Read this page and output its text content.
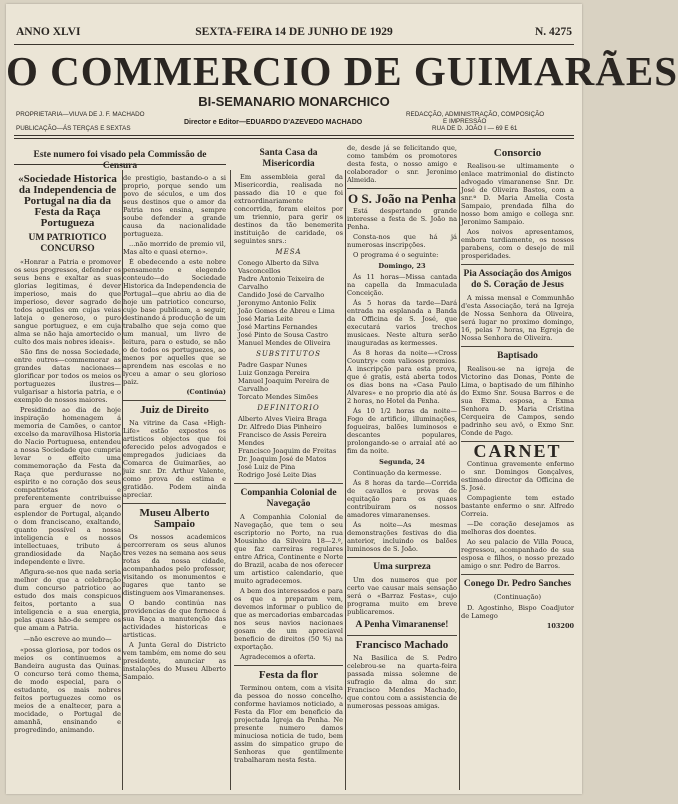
ANNO XLVI	SEXTA-FEIRA 14 DE JUNHO DE 1929	N. 4275
O COMMERCIO DE GUIMARÃES
BI-SEMANARIO MONARCHICO
PROPRIETARIA—VIUVA DE J. F. MACHADO
PUBLICAÇÃO—ÁS TERÇAS E SEXTAS
Director e Editor—EDUARDO D'AZEVEDO MACHADO
REDACÇÃO, ADMINISTRAÇÃO, COMPOSIÇÃO
E IMPRESSÃO
RUA DE D. JOÃO I — 69 E 61
Este numero foi visado pela Commissão de Censura
«Sociedade Historica da Independencia de Portugal na dia da Festa da Raça Portugueza
UM PATRIOTICO CONCURSO

«Honrar a Patria e promover os seus progressos, defender os seus bens e exaltar as suas glorias legitimas, é dever imperioso, mais do que imperioso, dever sagrado de todos aquelles em cujas veias lateja o generoso, o puro sangue portuguez, e em cuja alma se não haja amortecido o culto dos mais nobres ideais».

São fins de nossa Sociedade, entre outros—commemorar as grandes datas nacionaes—glorificar por todos os meios os portuguezes ilustres—vulgarisar a historia patria, e o exemplo de nossos maiores.

Presidindo ao dia de hoje inspiração homenagem á memoria de Camões, o cantor excelso da maravilhosa Historia do Nacio Portuguesa, entendeu a nossa Sociedade que cumpria levar o effeito uma commemoração da Festa da Raça que perdurasse no espirito e no coração dos seus compatriotas e preferentemente contribuisse para erguer de novo o esplendor de Portugal, alçando o dom franciscano, exaltando, quanto possível a nossa inteligencia e os nossos intellectuaes, tributo á grandiosidade da Nação independente e livre.

Afigura-se-nos que nada seria melhor do que a celebração dum concurso patriotico ao estudo dos mais conspicuos feitos, portanto a sua inteligencia e a sua energia, pelas quaes hão-de sempre os que amam a Patria.

—não escreve ao mundo—

«possa gloriosa, por todos os meios os continuemos a Bandeira augusta das Quinas. O concurso terá como thema, de modo especial, para o estudante, os mais nobres feitos portuguezes como os meios de a enaltecer, para a mocidade, o Portugal de amanhã, ensinando e progredindo, animando.

de prestigio, bastando-o a si proprio, porque sendo um povo de séculos, e um dos seus destinos que o amor da Patria nos ensina, sempre soube defender a grande causa da nacionalidade portugueza.

...não morrido de premio vil, Mas alto e quasi eterno».

É obedecendo a este nobre pensamento e elegendo conteudo—do Sociedade Historica da Independencia de Portugal—que abriu ao dia de hoje um patriotico concurso, cujo base publicam, a seguir, destinando á producção de um trabalho que seja como que um manual, um livro de leitura, para o estudo, se não o de todos os portuguezes, ao menos por aquelles que se aprendem nas escolas e no lyceu a amar o seu glorioso paiz.

(Continúa)
Juiz de Direito

Na vitrine da Casa «High-Life» estão expostos os artisticos objectos que foi oferecido pelos advogados e empregados judiciaes da Comarca de Guimarães, ao juiz snr. Dr. Arthur Valente, como prova de estima e gratidão. Podem ainda apreciar.

Museu Alberto Sampaio

Os nossos academicos percorreram os seus alunos tres vezes na semana aos seus rotas da nossa cidade, acompanhados pelo professor, visitando os monumentos e lugares que tanto se distinguem aos Vimaranenses.

O bando continúa nas providencias de que fornece á sua Raça a manutenção das actividades historicas e artisticas.

A Junta Geral do Districto vem também, em nome do seu presidente, anunciar as instalações do Museu Alberto Sampaio.

Santa Casa da Misericordia

Em assembleia geral da Misericordia, realisada no passado dia 10 e que foi extraordinariamente concorrida, foram eleitos por um triennio, para gerir os destinos da tão benemerita instituição de caridade, os seguintes snrs.:

MESA
Conego Alberto da Silva Vasconcellos
Padre Antonio Teixeira de Carvalho
Candido José de Carvalho
Jeronymo Antonio Felix
João Gomes de Abreu e Lima
José Maria Leite
José Martins Fernandes
José Pinto de Sousa Castro
Manuel Mendes de Oliveira
SUBSTITUTOS
Padre Gaspar Nunes
Luiz Gonzaga Pereira
Manuel Joaquim Pereira de Carvalho
Torcato Mendes Simões
DEFINITORIO
Alberto Alves Vieira Braga
Dr. Alfredo Dias Pinheiro
Francisco de Assis Pereira Mendes
Francisco Joaquim de Freitas
Dr. Joaquim José de Matos
José Luiz de Pina
Rodrigo José Leite Dias
Companhia Colonial de Navegação

A Companhia Colonial de Navegação, que tem o seu escriptorio no Porto, na rua Mousinho da Silveira 18—2.º, que faz carreiras regulares entre Africa, Continente e Norte do Brazil, acaba de nos oferecer um artistico calendario, que muito agradecemos.

A bem dos interessados e para os que a preparam vem, devemos informar o publico de que as mercadorias embarcadas nos seus navios nacionaes gosam de um apreciavel beneficio de direitos (50 %) na exportação.

Agradecemos a oferta.

Festa da flor

Terminou ontem, com a visita da pessoa do nosso concelho, conforme haviamos noticiado, a Festa da Flor em beneficio da projectada Igreja da Penha. Ne presente numero damos minuciosa noticia de tudo, bem assim do simpatico grupo de Senhoras que gentilmente trabalharam nesta festa.

de, desde já se felicitando que, como também os promotores desta festa, o nosso amigo e colaborador o snr. Jeronimo Almeida.

O S. João na Penha

Está despertando grande interesse a festa de S. João na Penha.

Consta-nos que há já numerosas inscripções.

O programa é o seguinte:

Domingo, 23

Ás 11 horas—Missa cantada na capella da Immaculada Conceição.

Ás 5 horas da tarde—Dará entrada na esplanada a Banda da Officina de S. José, que executará varios trechos musicaes. Neste altura serão inauguradas as kermesses.

Ás 8 horas da noite—«Cross Country» com valiosos premios. A inscripção para esta prova, que é gratis, está aberta todos os dias bons na «Casa Paulo Alvares» e no proprio dia até ás 2 horas, no Hotel da Penha.

Ás 10 1/2 horas da noite—Fogo de artificio, illuminações, fogueiras, balões luminosos e descantes populares, prolongando-se o arraial até ao fim da noite.

Segunda, 24

Continuação da kermesse.

Ás 8 horas da tarde—Corrida de cavallos e provas de equitação para os quaes contribuiram os nossos amadores vimaranenses.

Ás noite—As mesmas demonstrações festivas do dia anterior, incluindo os balões luminosos de S. João.

Uma surpreza

Um dos numeros que por certo vae causar mais sensação será o «Barraz Festas», cujo programa muito em breve publicaremos.

A Penha Vimaranense!
Francisco Machado

Na Basilica de S. Pedro celebrou-se na quarta-feira passada missa solemne de sufragio da alma do snr. Francisco Mendes Machado, que contou com a assistencia de numerosas pessoas amigas.

Consorcio

Realisou-se ultimamente o enlace matrimonial do distincto advogado vimaranense Snr. Dr. José de Oliveira Bastos, com a snr.ª D. Maria Amelia Costa Sampaio, prendada filha do nosso bom amigo e collega snr. Jeronimo Sampaio.

Aos noivos apresentamos, embora tardiamente, os nossos parabens, com o desejo de mil prosperidades.

Pia Associação dos Amigos do S. Coração de Jesus

A missa mensal e Communhão d'esta Associação, terá na Igreja de Nossa Senhora da Oliveira, será lugar no proximo domingo, 16, pelas 7 horas, na Egreja de Nossa Senhora de Oliveira.

Baptisado

Realisou-se na igreja de Victorino das Donas, Ponte de Lima, o baptisado de um filhinho do Exmo Snr. Sousa Barros e de sua Exma. esposa, a Exma Senhora D. Maria Cristina Cerqueira de Campos, sendo padrinho seu avô, o Exmo Snr. Conde de Pago.

CARNET

Continua gravemente enfermo o snr. Domingos Gonçalves, estimado director da Officina de S. José.

Compagiente tem estado bastante enfermo o snr. Alfredo Correia.

—De coração desejamos as melhoras dos doentes.

Ao seu palacio de Villa Pouca, regressou, acompanhado de sua esposa e filhos, o nosso prezado amigo o snr. Pedro de Barros.

Conego Dr. Pedro Sanches
(Continuação)

D. Agostinho, Bispo Coadjutor de Lamego

103200
